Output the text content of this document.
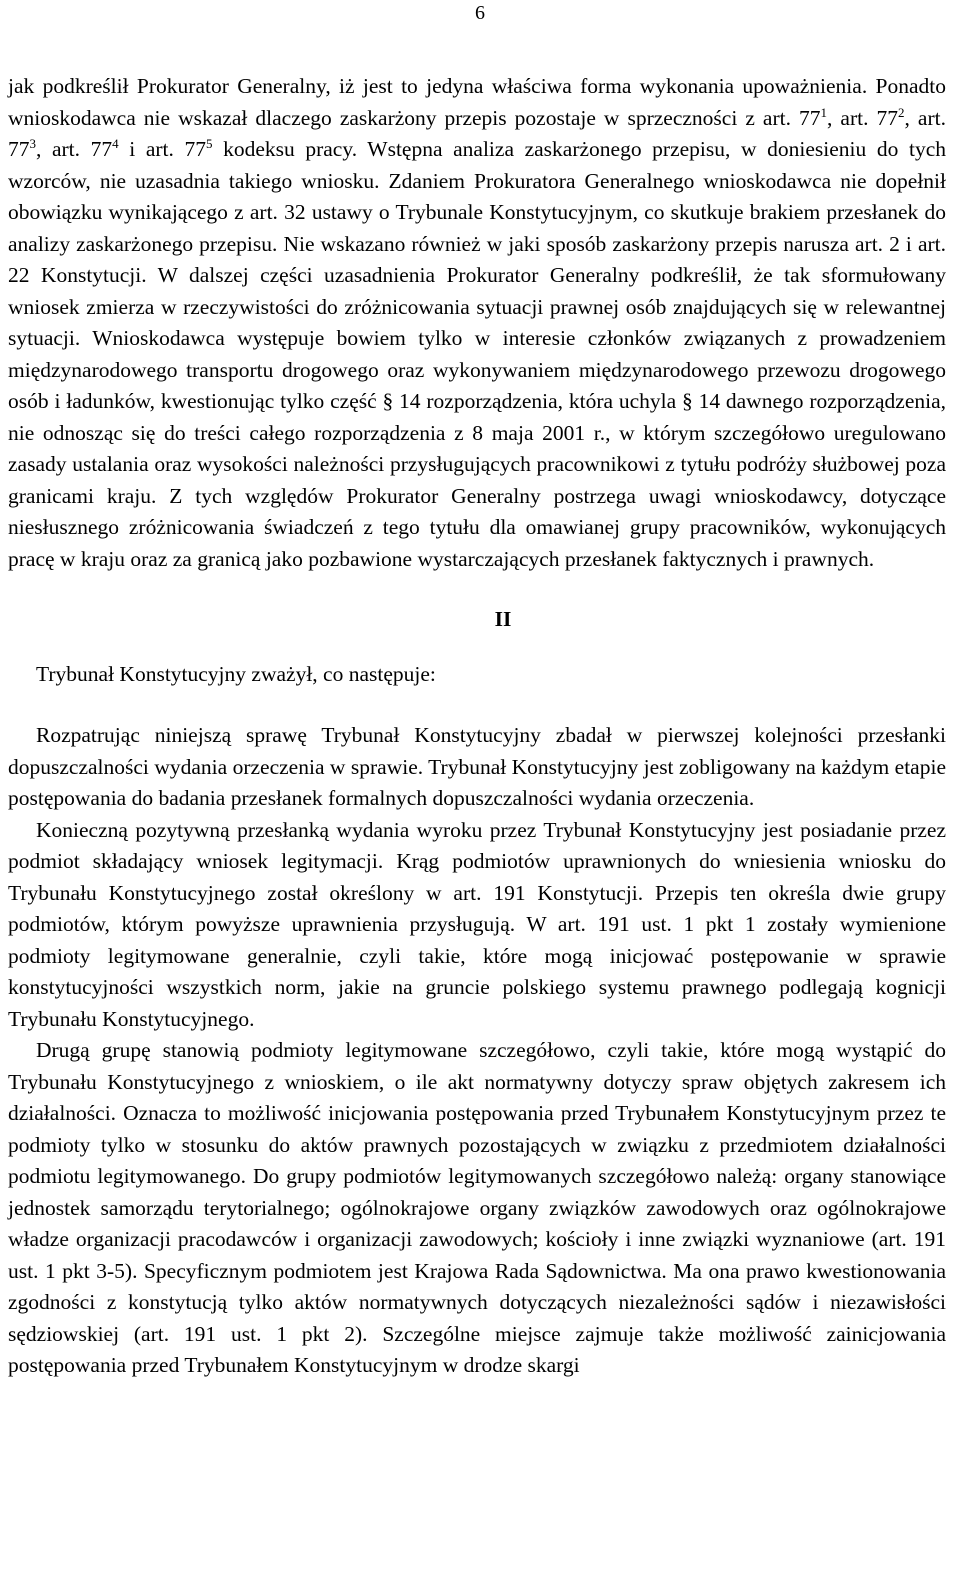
6

jak podkreślił Prokurator Generalny, iż jest to jedyna właściwa forma wykonania upoważnienia. Ponadto wnioskodawca nie wskazał dlaczego zaskarżony przepis pozostaje w sprzeczności z art. $77^1$, art. $77^2$, art. $77^3$, art. $77^4$ i art. $77^5$ kodeksu pracy. Wstępna analiza zaskarżonego przepisu, w doniesieniu do tych wzorców, nie uzasadnia takiego wniosku. Zdaniem Prokuratora Generalnego wnioskodawca nie dopełnił obowiązku wynikającego z art. 32 ustawy o Trybunale Konstytucyjnym, co skutkuje brakiem przesłanek do analizy zaskarżonego przepisu. Nie wskazano również w jaki sposób zaskarżony przepis narusza art. 2 i art. 22 Konstytucji. W dalszej części uzasadnienia Prokurator Generalny podkreślił, że tak sformułowany wniosek zmierza w rzeczywistości do zróżnicowania sytuacji prawnej osób znajdujących się w relewantnej sytuacji. Wnioskodawca występuje bowiem tylko w interesie członków związanych z prowadzeniem międzynarodowego transportu drogowego oraz wykonywaniem międzynarodowego przewozu drogowego osób i ładunków, kwestionując tylko część § 14 rozporządzenia, która uchyla § 14 dawnego rozporządzenia, nie odnosząc się do treści całego rozporządzenia z 8 maja 2001 r., w którym szczegółowo uregulowano zasady ustalania oraz wysokości należności przysługujących pracownikowi z tytułu podróży służbowej poza granicami kraju. Z tych względów Prokurator Generalny postrzega uwagi wnioskodawcy, dotyczące niesłusznego zróżnicowania świadczeń z tego tytułu dla omawianej grupy pracowników, wykonujących pracę w kraju oraz za granicą jako pozbawione wystarczających przesłanek faktycznych i prawnych.

II

Trybunał Konstytucyjny zważył, co następuje:

Rozpatrując niniejszą sprawę Trybunał Konstytucyjny zbadał w pierwszej kolejności przesłanki dopuszczalności wydania orzeczenia w sprawie. Trybunał Konstytucyjny jest zobligowany na każdym etapie postępowania do badania przesłanek formalnych dopuszczalności wydania orzeczenia.

Konieczną pozytywną przesłanką wydania wyroku przez Trybunał Konstytucyjny jest posiadanie przez podmiot składający wniosek legitymacji. Krąg podmiotów uprawnionych do wniesienia wniosku do Trybunału Konstytucyjnego został określony w art. 191 Konstytucji. Przepis ten określa dwie grupy podmiotów, którym powyższe uprawnienia przysługują. W art. 191 ust. 1 pkt 1 zostały wymienione podmioty legitymowane generalnie, czyli takie, które mogą inicjować postępowanie w sprawie konstytucyjności wszystkich norm, jakie na gruncie polskiego systemu prawnego podlegają kognicji Trybunału Konstytucyjnego.

Drugą grupę stanowią podmioty legitymowane szczegółowo, czyli takie, które mogą wystąpić do Trybunału Konstytucyjnego z wnioskiem, o ile akt normatywny dotyczy spraw objętych zakresem ich działalności. Oznacza to możliwość inicjowania postępowania przed Trybunałem Konstytucyjnym przez te podmioty tylko w stosunku do aktów prawnych pozostających w związku z przedmiotem działalności podmiotu legitymowanego. Do grupy podmiotów legitymowanych szczegółowo należą: organy stanowiące jednostek samorządu terytorialnego; ogólnokrajowe organy związków zawodowych oraz ogólnokrajowe władze organizacji pracodawców i organizacji zawodowych; kościoły i inne związki wyznaniowe (art. 191 ust. 1 pkt 3-5). Specyficznym podmiotem jest Krajowa Rada Sądownictwa. Ma ona prawo kwestionowania zgodności z konstytucją tylko aktów normatywnych dotyczących niezależności sądów i niezawisłości sędziowskiej (art. 191 ust. 1 pkt 2). Szczególne miejsce zajmuje także możliwość zainicjowania postępowania przed Trybunałem Konstytucyjnym w drodze skargi
